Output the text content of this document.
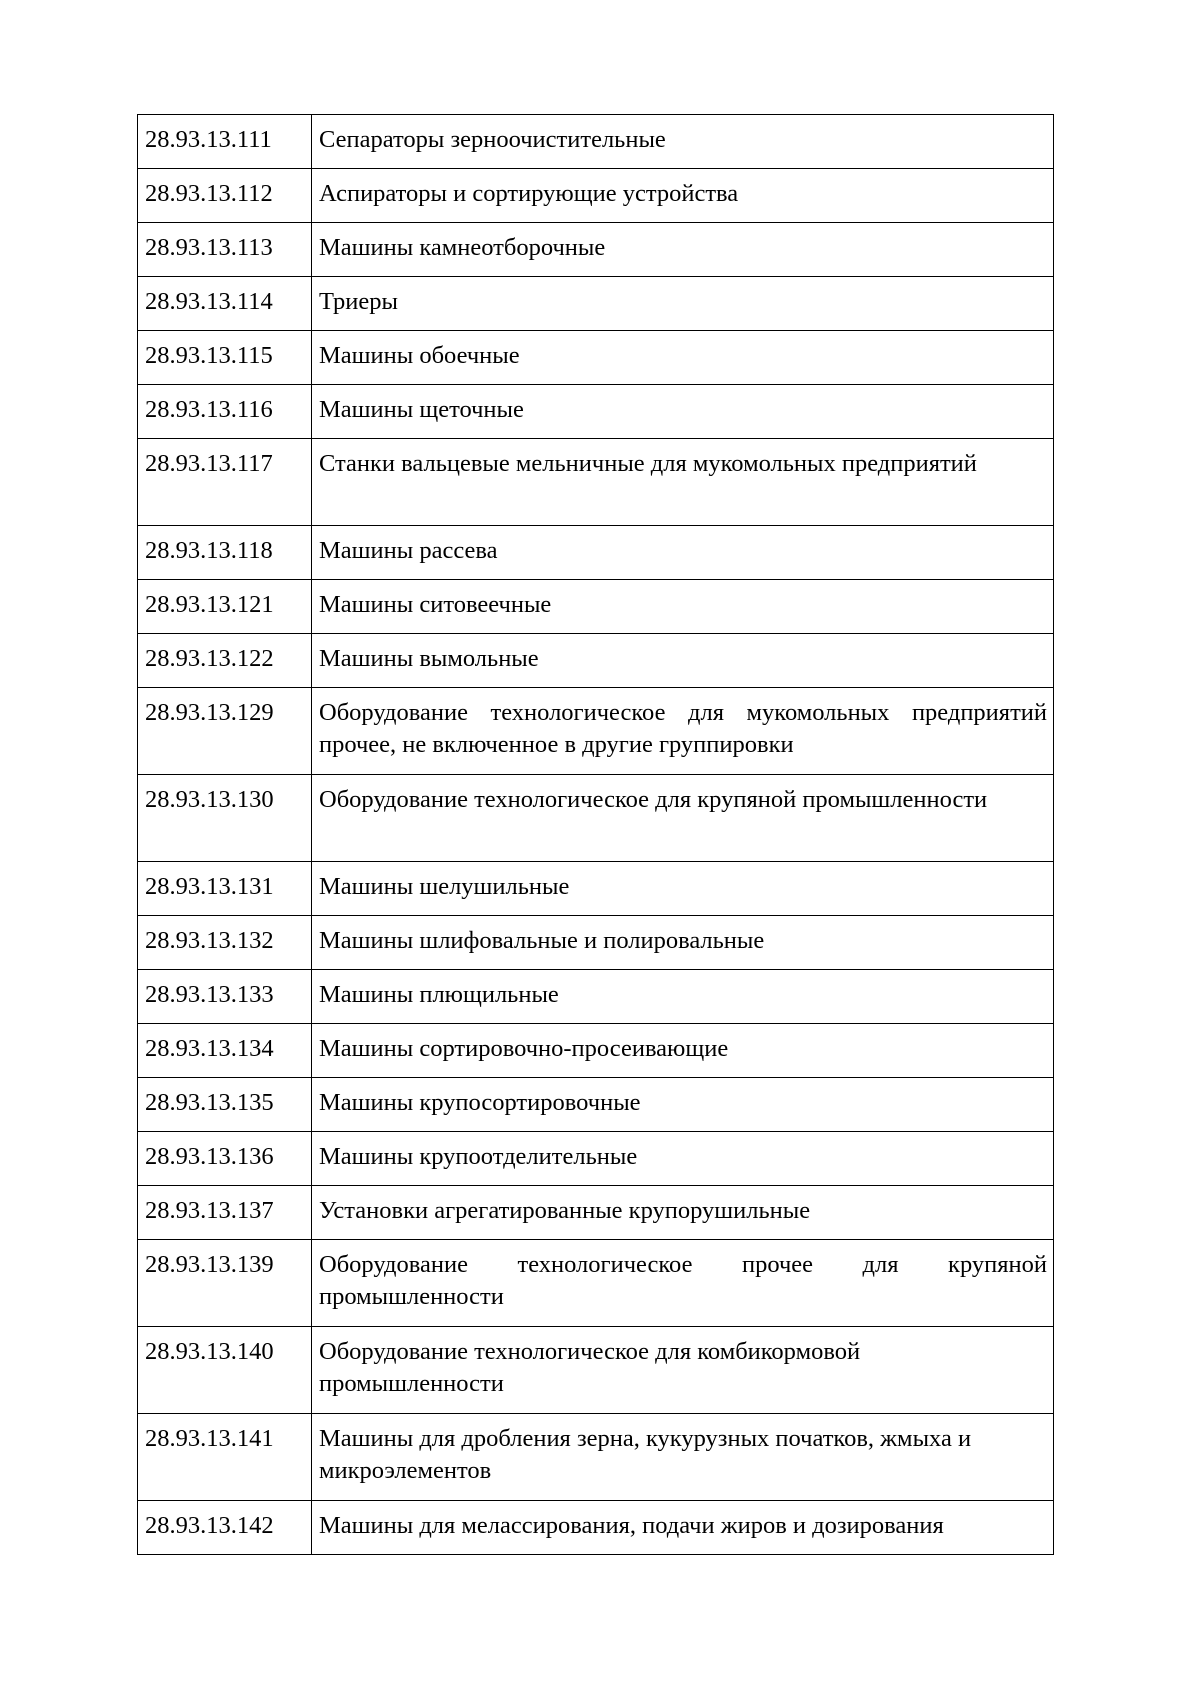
28.93.13.111	Сепараторы зерноочистительные
28.93.13.112	Аспираторы и сортирующие устройства
28.93.13.113	Машины камнеотборочные
28.93.13.114	Триеры
28.93.13.115	Машины обоечные
28.93.13.116	Машины щеточные
28.93.13.117	Станки вальцевые мельничные для мукомольных предприятий
28.93.13.118	Машины рассева
28.93.13.121	Машины ситовеечные
28.93.13.122	Машины вымольные
28.93.13.129	Оборудование технологическое для мукомольных предприятий прочее, не включенное в другие группировки
28.93.13.130	Оборудование технологическое для крупяной промышленности
28.93.13.131	Машины шелушильные
28.93.13.132	Машины шлифовальные и полировальные
28.93.13.133	Машины плющильные
28.93.13.134	Машины сортировочно-просеивающие
28.93.13.135	Машины крупосортировочные
28.93.13.136	Машины крупоотделительные
28.93.13.137	Установки агрегатированные крупорушильные
28.93.13.139	Оборудование технологическое прочее для крупяной промышленности
28.93.13.140	Оборудование технологическое для комбикормовой промышленности
28.93.13.141	Машины для дробления зерна, кукурузных початков, жмыха и микроэлементов
28.93.13.142	Машины для мелассирования, подачи жиров и дозирования
